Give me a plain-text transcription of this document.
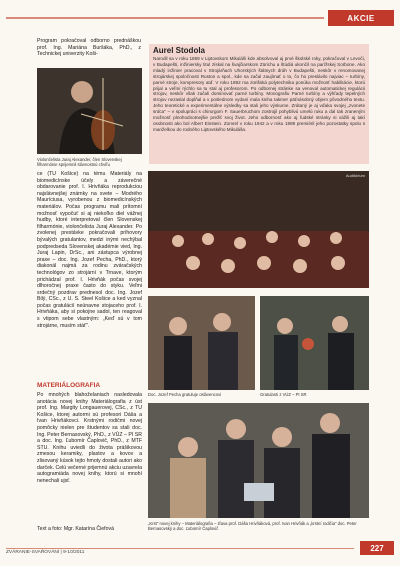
AKCIE
Program pokračoval odborno prednáškou prof. Ing. Mariána Buršáka, PhD., z Technickej univerzity Koši-
Violončelista Juraj Alexander, člen Slovenskej filharmónie sprijemnil slávnostnú chvíľu
Aurel Stodola

Narodil sa v roku 1859 v Liptovskom Mikuláši kde absolvoval aj prvé školské roky, pokračoval v Levoči, v Budapešti, inžiniersky titul získal na švajčiarskom Zürichu a štúdiá ukončil na parížskej Sorbone. Ako mladý inžinier pracoval v Strojárňach Uhorských štátnych dráh v Budapešti, neskôr v renomovanej strojárskej spoločnosti Ruston a spol., kde sa začal zaujímať o to, čo ho preslávilo najviac – turbíny, parné stroje, kompresory atď. V roku 1892 ma zürišská polytechnika ponúka možnosť habilitácie, ktorú prijal a veľmi rýchlo sa tu stal aj profesorom. Po odbornej stránke sa venoval automatickej regulácii strojov, neskôr však začali dominovať parné turbíny. Monografiu Parné turbíny a výhľady tepelných strojov nezaslal dopĺňal a v poslednom vydaní mala kniha takmer päťnásobný objem pôvodného textu. Jeho teoretické a experimentálne výsledky sa stali jeho výskume. Zrátaný je aj vďaka svojej „zvonete srdca" – v spolupráci s chirurgom F. Sauerbruchom zostrojil pohyblivú umelú ruku a dal tak zraneným možnosť plnohodnotnejšie prežiť svoj život. Jeho odbornosť ako aj ľudské stránky si vážili aj takí osobnosti ako bol Albert Einstein. Zomrel v roku 1942 a v roku 1989 premiéril jeho pozostatky spolu s manželkou do rodného Liptovského Mikuláša.

Auditórium
ce (TU Košice) na tému Materiály na biomedicínske účely a záverečné obdarovanie prof. I. Hrivňáka reprodukciou najslávnejšej známky na svete – Modrého Mauríciusa, vyrobenou z biomedicínských materiálov. Počas programu mali prítomní možnosť vypočuť si aj niekoľko diel vážnej hudby, ktoré interpretoval člen Slovenskej filharmónie, violončelista Juraj Alexander. Po zvolenej prestávke pokračovali príhovory bývalých gratulantov, medzi inými nechýbal podpredseda Slovenskej akadémie vied, Ing. Juraj Lapin, DrSc., ani zástupca výrobnej praxe – doc. Ing. Jozef Pecha, PhD., ktorý diakonál najmä za rodinu zváračských technológov zo strojární v Trnave, ktorým prichádzal prof. I. Hrivňák počas svojej dlhoročnej praxe často do styku. Veľmi srdečný pozdrav prednesol doc. Ing. Jozef Bilý, CSc., z U. S. Steel Košice a ked vyznal počas gratulácií neúnavne stojaceho prof. I. Hrivňáka, aby si pokojne sadol, ten reagoval s vtipom sebe vlastným: „Keď sú v tom strojárne, musím stáť".
Doc. Jozef Pecha gratuluje oslávencovi	Gratulanti z VÚZ – PI SR
MATERIÁLOGRAFIA
Po mnohých blahoželaniach nasledovala anotácia novej knihy Materiálografia z úst prof. Ing. Margity Longauerovej, CSc., z TU Košice, ktorej autormi sú profesori Dáša a Ivan Hrivňákovci. Krstnými rodičmi novej pomôcky nielen pre študentov sa stali doc. Ing. Peter Bernasovský, PhD., z VÚZ – PI SR a doc. Ing. Ľubomír Čaplovič, PhD., z MTF STU. Knihu uviedli do života prášikovou zmesou keramiky, plastov a kovov a zlisovaný kúsok tejto hmoty dostali autori ako darček. Celú večerné prijemnú akciu uzavrela autogramiáda novej knihy, ktorú si mnohí nenechali ujsť.
Text a foto: Mgr. Katarína Čiefová
„Krst" novej knihy – Materiálografia – zľava prof. Dáša Hrivňáková, prof. Ivan Hrivňák a „krstní rodičia" doc. Peter Bernasovský a doc. Ľubomír Čaplovič
ZVÁRANIE-SVAŘOVÁNÍ | 9-10/2011	227
